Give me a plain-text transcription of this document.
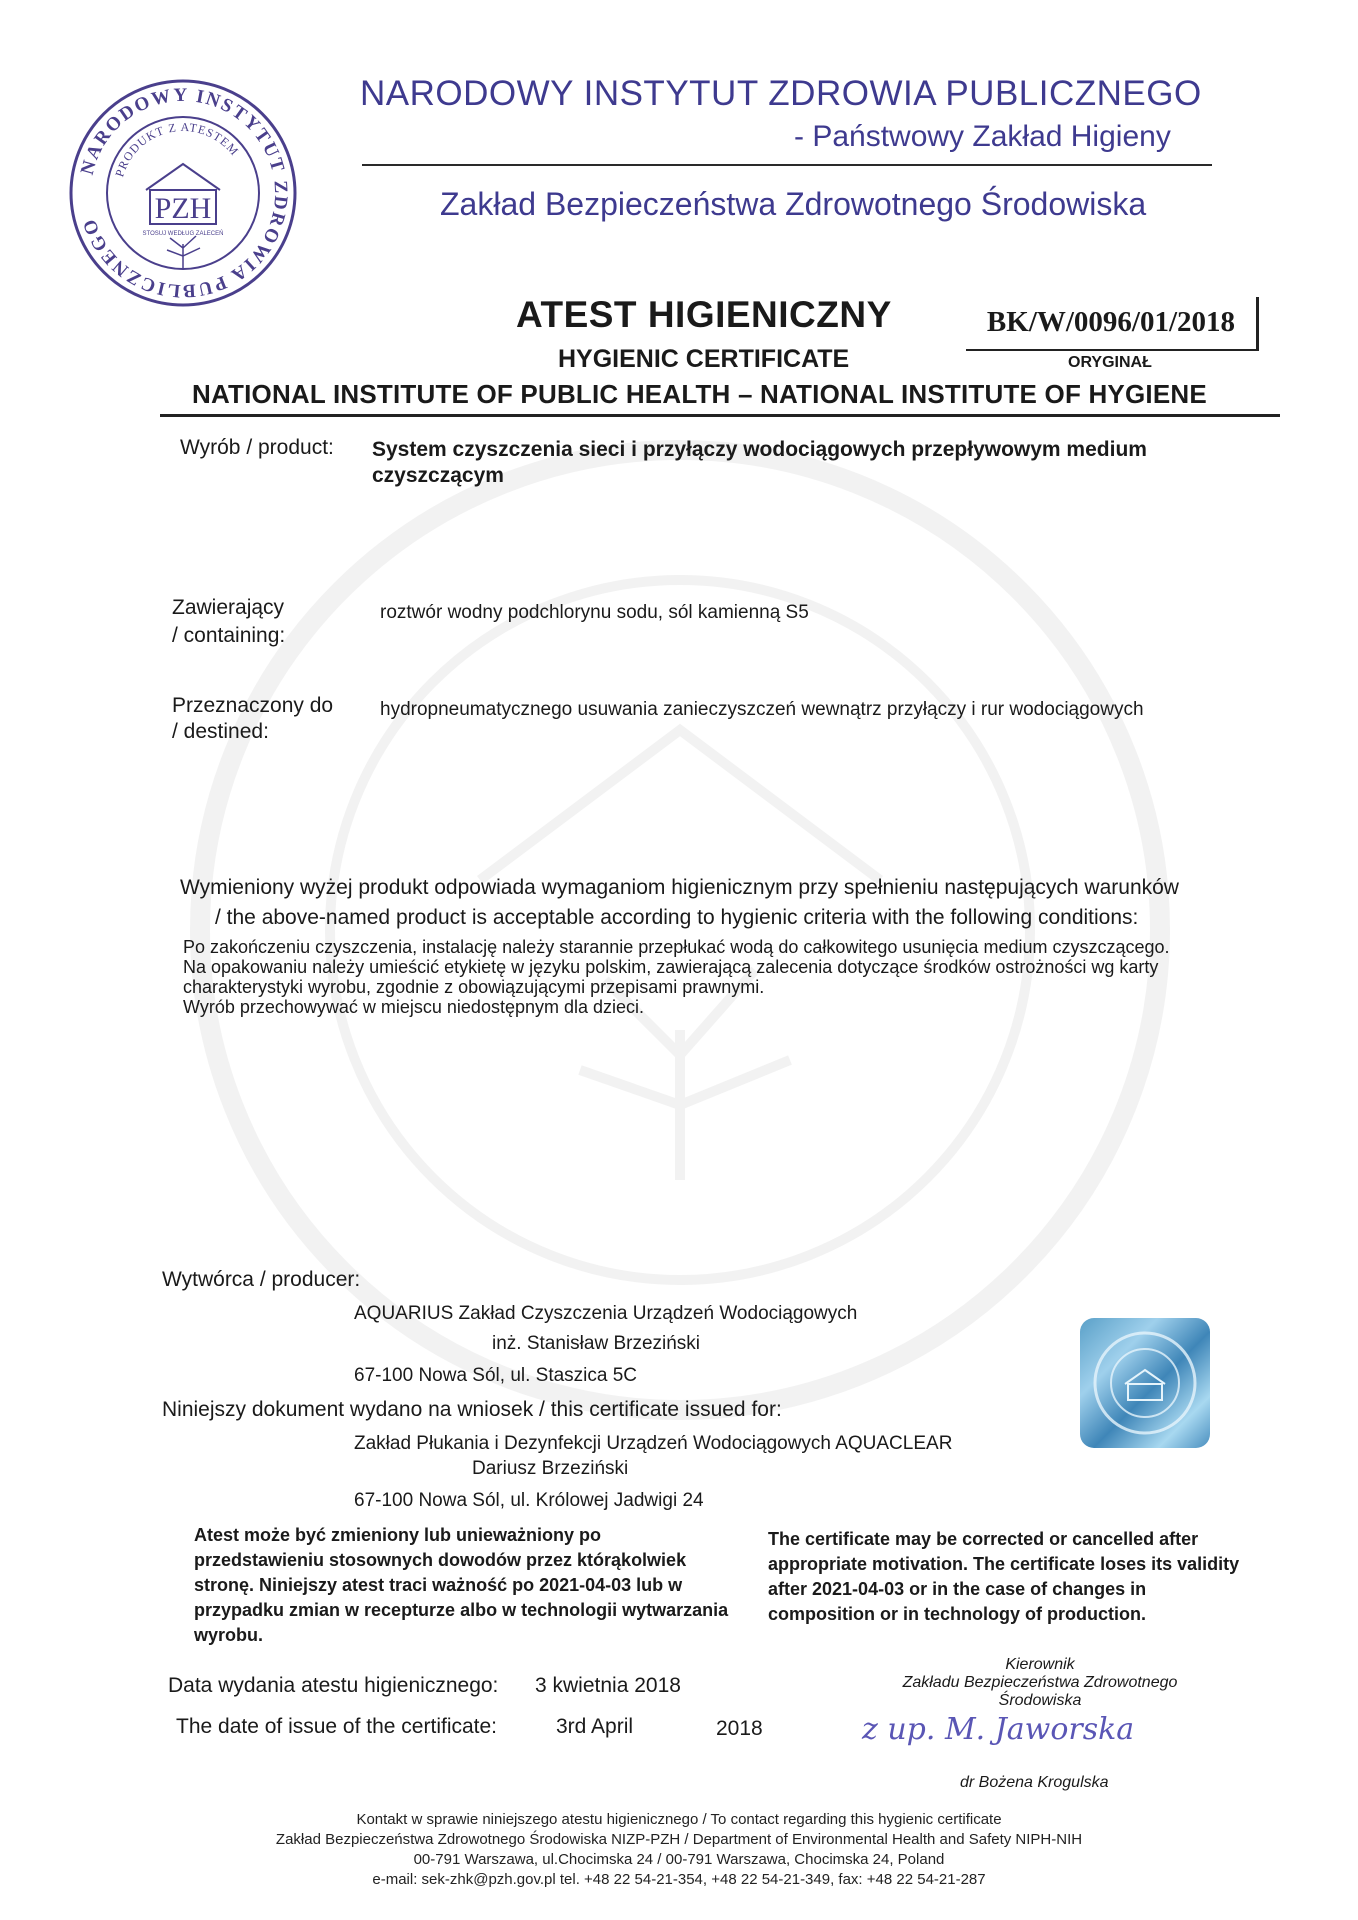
NARODOWY INSTYTUT ZDROWIA PUBLICZNEGO
PRODUKT Z ATESTEM
PZH
STOSUJ WEDŁUG ZALECEŃ
NARODOWY INSTYTUT ZDROWIA PUBLICZNEGO
- Państwowy Zakład Higieny
Zakład Bezpieczeństwa Zdrowotnego Środowiska
ATEST HIGIENICZNY	BK/W/0096/01/2018
HYGIENIC CERTIFICATE	ORYGINAŁ
NATIONAL INSTITUTE OF PUBLIC HEALTH – NATIONAL INSTITUTE OF HYGIENE
Wyrób / product: System czyszczenia sieci i przyłączy wodociągowych przepływowym medium czyszczącym
Zawierający
/ containing:
roztwór wodny podchlorynu sodu, sól kamienną S5
Przeznaczony do
/ destined:
hydropneumatycznego usuwania zanieczyszczeń wewnątrz przyłączy i rur wodociągowych
Wymieniony wyżej produkt odpowiada wymaganiom higienicznym przy spełnieniu następujących warunków
/ the above-named product is acceptable according to hygienic criteria with the following conditions:

Po zakończeniu czyszczenia, instalację należy starannie przepłukać wodą do całkowitego usunięcia medium czyszczącego.

Na opakowaniu należy umieścić etykietę w języku polskim, zawierającą zalecenia dotyczące środków ostrożności wg karty charakterystyki wyrobu, zgodnie z obowiązującymi przepisami prawnymi.

Wyrób przechowywać w miejscu niedostępnym dla dzieci.

Wytwórca / producer:
AQUARIUS Zakład Czyszczenia Urządzeń Wodociągowych
inż. Stanisław Brzeziński
67-100 Nowa Sól, ul. Staszica 5C
Niniejszy dokument wydano na wniosek / this certificate issued for:
Zakład Płukania i Dezynfekcji Urządzeń Wodociągowych AQUACLEAR
Dariusz Brzeziński
67-100 Nowa Sól, ul. Królowej Jadwigi 24
Atest może być zmieniony lub unieważniony po przedstawieniu stosownych dowodów przez którąkolwiek stronę. Niniejszy atest traci ważność po 2021-04-03 lub w przypadku zmian w recepturze albo w technologii wytwarzania wyrobu.
The certificate may be corrected or cancelled after appropriate motivation. The certificate loses its validity after 2021-04-03 or in the case of changes in composition or in technology of production.
Data wydania atestu higienicznego: 3 kwietnia 2018
The date of issue of the certificate:	3rd April	2018
Kierownik
Zakładu Bezpieczeństwa Zdrowotnego
Środowiska
z up. M. Jaworska
dr Bożena Krogulska
Kontakt w sprawie niniejszego atestu higienicznego / To contact regarding this hygienic certificate
Zakład Bezpieczeństwa Zdrowotnego Środowiska NIZP-PZH / Department of Environmental Health and Safety NIPH-NIH
00-791 Warszawa, ul.Chocimska 24 / 00-791 Warszawa, Chocimska 24, Poland
e-mail: sek-zhk@pzh.gov.pl tel. +48 22 54-21-354, +48 22 54-21-349, fax: +48 22 54-21-287
